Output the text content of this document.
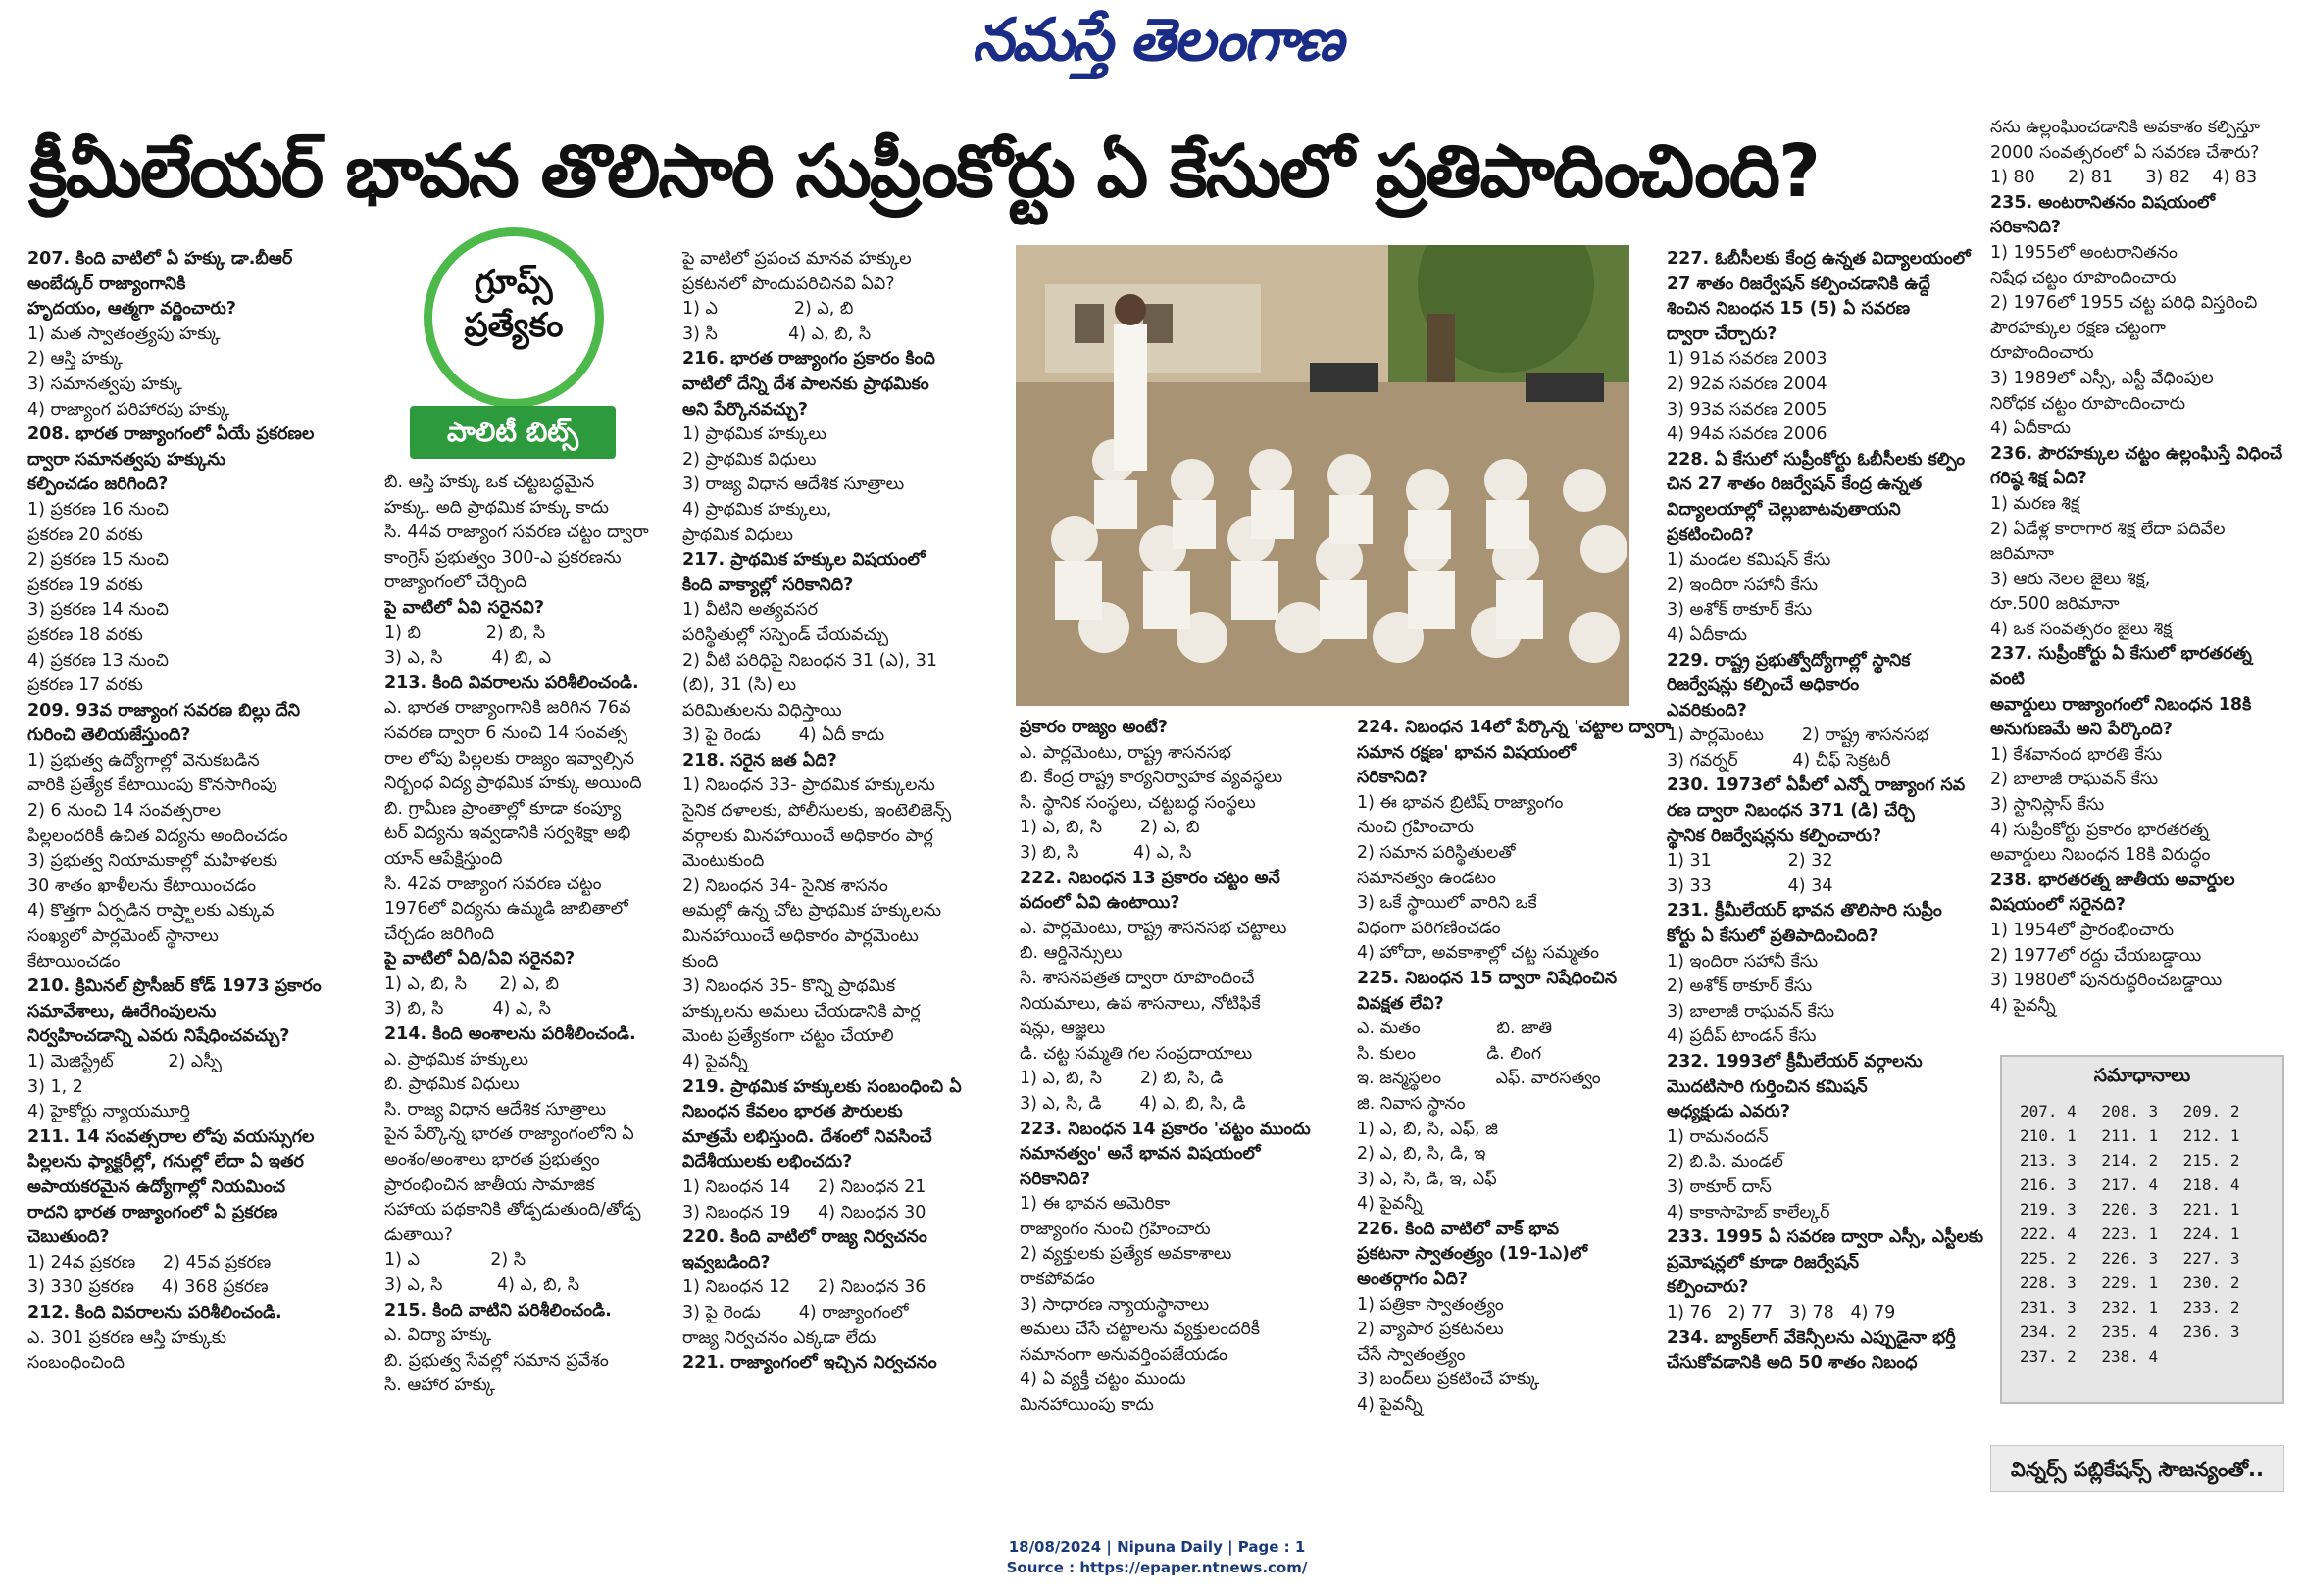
నమస్తే తెలంగాణ
క్రీమీలేయర్ భావన తొలిసారి సుప్రీంకోర్టు ఏ కేసులో ప్రతిపాదించింది?
గ్రూప్స్
ప్రత్యేకం
పాలిటీ బిట్స్
207. కింది వాటిలో ఏ హక్కు డా.బీఆర్
అంబేద్కర్ రాజ్యాంగానికి
హృదయం, ఆత్మగా వర్ణించారు?
1) మత స్వాతంత్ర్యపు హక్కు
2) ఆస్తి హక్కు
3) సమానత్వపు హక్కు
4) రాజ్యాంగ పరిహారపు హక్కు
208. భారత రాజ్యాంగంలో ఏయే ప్రకరణల
ద్వారా సమానత్వపు హక్కును
కల్పించడం జరిగింది?
1) ప్రకరణ 16 నుంచి
ప్రకరణ 20 వరకు
2) ప్రకరణ 15 నుంచి
ప్రకరణ 19 వరకు
3) ప్రకరణ 14 నుంచి
ప్రకరణ 18 వరకు
4) ప్రకరణ 13 నుంచి
ప్రకరణ 17 వరకు
209. 93వ రాజ్యాంగ సవరణ బిల్లు దేని
గురించి తెలియజేస్తుంది?
1) ప్రభుత్వ ఉద్యోగాల్లో వెనుకబడిన
వారికి ప్రత్యేక కేటాయింపు కొనసాగింపు
2) 6 నుంచి 14 సంవత్సరాల
పిల్లలందరికీ ఉచిత విద్యను అందించడం
3) ప్రభుత్వ నియామకాల్లో మహిళలకు
30 శాతం ఖాళీలను కేటాయించడం
4) కొత్తగా ఏర్పడిన రాష్ర్టాలకు ఎక్కువ
సంఖ్యలో పార్లమెంట్ స్థానాలు
కేటాయించడం
210. క్రిమినల్ ప్రొసీజర్ కోడ్ 1973 ప్రకారం
సమావేశాలు, ఊరేగింపులను
నిర్వహించడాన్ని ఎవరు నిషేధించవచ్చు?
1) మెజిస్ట్రేట్          2) ఎస్పీ
3) 1, 2
4) హైకోర్టు న్యాయమూర్తి
211. 14 సంవత్సరాల లోపు వయస్సుగల
పిల్లలను ఫ్యాక్టరీల్లో, గనుల్లో లేదా ఏ ఇతర
అపాయకరమైన ఉద్యోగాల్లో నియమించ
రాదని భారత రాజ్యాంగంలో ఏ ప్రకరణ
చెబుతుంది?
1) 24వ ప్రకరణ     2) 45వ ప్రకరణ
3) 330 ప్రకరణ     4) 368 ప్రకరణ
212. కింది వివరాలను పరిశీలించండి.
ఎ. 301 ప్రకరణ ఆస్తి హక్కుకు
సంబంధించింది
బి. ఆస్తి హక్కు ఒక చట్టబద్ధమైన
హక్కు. అది ప్రాథమిక హక్కు కాదు
సి. 44వ రాజ్యాంగ సవరణ చట్టం ద్వారా
కాంగ్రెస్ ప్రభుత్వం 300-ఎ ప్రకరణను
రాజ్యాంగంలో చేర్చింది
పై వాటిలో ఏవి సరైనవి?
1) బి            2) బి, సి
3) ఎ, సి         4) బి, ఎ
213. కింది వివరాలను పరిశీలించండి.
ఎ. భారత రాజ్యాంగానికి జరిగిన 76వ
సవరణ ద్వారా 6 నుంచి 14 సంవత్స
రాల లోపు పిల్లలకు రాజ్యం ఇవ్వాల్సిన
నిర్బంధ విద్య ప్రాథమిక హక్కు అయింది
బి. గ్రామీణ ప్రాంతాల్లో కూడా కంప్యూ
టర్ విద్యను ఇవ్వడానికి సర్వశిక్షా అభి
యాన్ ఆపేక్షిస్తుంది
సి. 42వ రాజ్యాంగ సవరణ చట్టం
1976లో విద్యను ఉమ్మడి జాబితాలో
చేర్చడం జరిగింది
పై వాటిలో ఏది/ఏవి సరైనవి?
1) ఎ, బి, సి      2) ఎ, బి
3) బి, సి         4) ఎ, సి
214. కింది అంశాలను పరిశీలించండి.
ఎ. ప్రాథమిక హక్కులు
బి. ప్రాథమిక విధులు
సి. రాజ్య విధాన ఆదేశిక సూత్రాలు
పైన పేర్కొన్న భారత రాజ్యాంగంలోని ఏ
అంశం/అంశాలు భారత ప్రభుత్వం
ప్రారంభించిన జాతీయ సామాజిక
సహాయ పథకానికి తోడ్పడుతుంది/తోడ్ప
డుతాయి?
1) ఎ             2) సి
3) ఎ, సి          4) ఎ, బి, సి
215. కింది వాటిని పరిశీలించండి.
ఎ. విద్యా హక్కు
బి. ప్రభుత్వ సేవల్లో సమాన ప్రవేశం
సి. ఆహార హక్కు
పై వాటిలో ప్రపంచ మానవ హక్కుల
ప్రకటనలో పొందుపరిచినవి ఏవి?
1) ఎ              2) ఎ, బి
3) సి             4) ఎ, బి, సి
216. భారత రాజ్యాంగం ప్రకారం కింది
వాటిలో దేన్ని దేశ పాలనకు ప్రాథమికం
అని పేర్కొనవచ్చు?
1) ప్రాథమిక హక్కులు
2) ప్రాథమిక విధులు
3) రాజ్య విధాన ఆదేశిక సూత్రాలు
4) ప్రాథమిక హక్కులు,
ప్రాథమిక విధులు
217. ప్రాథమిక హక్కుల విషయంలో
కింది వాక్యాల్లో సరికానిది?
1) వీటిని అత్యవసర
పరిస్థితుల్లో సస్పెండ్ చేయవచ్చు
2) వీటి పరిధిపై నిబంధన 31 (ఎ), 31
(బి), 31 (సి) లు
పరిమితులను విధిస్తాయి
3) పై రెండు       4) ఏదీ కాదు
218. సరైన జత ఏది?
1) నిబంధన 33- ప్రాథమిక హక్కులను
సైనిక దళాలకు, పోలీసులకు, ఇంటెలిజెన్స్
వర్గాలకు మినహాయించే అధికారం పార్ల
మెంటుకుంది
2) నిబంధన 34- సైనిక శాసనం
అమల్లో ఉన్న చోట ప్రాథమిక హక్కులను
మినహాయించే అధికారం పార్లమెంటు
కుంది
3) నిబంధన 35- కొన్ని ప్రాథమిక
హక్కులను అమలు చేయడానికి పార్ల
మెంట ప్రత్యేకంగా చట్టం చేయాలి
4) పైవన్నీ
219. ప్రాథమిక హక్కులకు సంబంధించి ఏ
నిబంధన కేవలం భారత పౌరులకు
మాత్రమే లభిస్తుంది. దేశంలో నివసించే
విదేశీయులకు లభించదు?
1) నిబంధన 14     2) నిబంధన 21
3) నిబంధన 19     4) నిబంధన 30
220. కింది వాటిలో రాజ్య నిర్వచనం
ఇవ్వబడింది?
1) నిబంధన 12     2) నిబంధన 36
3) పై రెండు       4) రాజ్యాంగంలో
రాజ్య నిర్వచనం ఎక్కడా లేదు
221. రాజ్యాంగంలో ఇచ్చిన నిర్వచనం
ప్రకారం రాజ్యం అంటే?
ఎ. పార్లమెంటు, రాష్ట్ర శాసనసభ
బి. కేంద్ర రాష్ట్ర కార్యనిర్వాహక వ్యవస్థలు
సి. స్థానిక సంస్థలు, చట్టబద్ధ సంస్థలు
1) ఎ, బి, సి       2) ఎ, బి
3) బి, సి          4) ఎ, సి
222. నిబంధన 13 ప్రకారం చట్టం అనే
పదంలో ఏవి ఉంటాయి?
ఎ. పార్లమెంటు, రాష్ట్ర శాసనసభ చట్టాలు
బి. ఆర్డినెన్సులు
సి. శాసనపత్రత ద్వారా రూపొందించే
నియమాలు, ఉప శాసనాలు, నోటిఫికే
షన్లు, ఆజ్ఞలు
డి. చట్ట సమ్మతి గల సంప్రదాయాలు
1) ఎ, బి, సి       2) బి, సి, డి
3) ఎ, సి, డి       4) ఎ, బి, సి, డి
223. నిబంధన 14 ప్రకారం 'చట్టం ముందు
సమానత్వం' అనే భావన విషయంలో
సరికానిది?
1) ఈ భావన అమెరికా
రాజ్యాంగం నుంచి గ్రహించారు
2) వ్యక్తులకు ప్రత్యేక అవకాశాలు
రాకపోవడం
3) సాధారణ న్యాయస్థానాలు
అమలు చేసే చట్టాలను వ్యక్తులందరికీ
సమానంగా అనువర్తింపజేయడం
4) ఏ వ్యక్తీ చట్టం ముందు
మినహాయింపు కాదు
224. నిబంధన 14లో పేర్కొన్న 'చట్టాల ద్వారా
సమాన రక్షణ' భావన విషయంలో
సరికానిది?
1) ఈ భావన బ్రిటిష్ రాజ్యాంగం
నుంచి గ్రహించారు
2) సమాన పరిస్థితులతో
సమానత్వం ఉండటం
3) ఒకే స్థాయిలో వారిని ఒకే
విధంగా పరిగణించడం
4) హోదా, అవకాశాల్లో చట్ట సమ్మతం
225. నిబంధన 15 ద్వారా నిషేధించిన
వివక్షత లేవి?
ఎ. మతం              బి. జాతి
సి. కులం             డి. లింగ
ఇ. జన్మస్థలం          ఎఫ్. వారసత్వం
జి. నివాస స్థానం
1) ఎ, బి, సి, ఎఫ్, జి
2) ఎ, బి, సి, డి, ఇ
3) ఎ, సి, డి, ఇ, ఎఫ్
4) పైవన్నీ
226. కింది వాటిలో వాక్ భావ
ప్రకటనా స్వాతంత్ర్యం (19-1ఎ)లో
అంతర్గాగం ఏది?
1) పత్రికా స్వాతంత్ర్యం
2) వ్యాపార ప్రకటనలు
చేసే స్వాతంత్ర్యం
3) బంద్‌లు ప్రకటించే హక్కు
4) పైవన్నీ
227. ఓబీసీలకు కేంద్ర ఉన్నత విద్యాలయంలో
27 శాతం రిజర్వేషన్ కల్పించడానికి ఉద్దే
శించిన నిబంధన 15 (5) ఏ సవరణ
ద్వారా చేర్చారు?
1) 91వ సవరణ 2003
2) 92వ సవరణ 2004
3) 93వ సవరణ 2005
4) 94వ సవరణ 2006
228. ఏ కేసులో సుప్రీంకోర్టు ఓబీసీలకు కల్పిం
చిన 27 శాతం రిజర్వేషన్ కేంద్ర ఉన్నత
విద్యాలయాల్లో చెల్లుబాటవుతాయని
ప్రకటించింది?
1) మండల కమిషన్ కేసు
2) ఇందిరా సహానీ కేసు
3) అశోక్ ఠాకూర్ కేసు
4) ఏదీకాదు
229. రాష్ట్ర ప్రభుత్వోద్యోగాల్లో స్థానిక
రిజర్వేషన్లు కల్పించే అధికారం
ఎవరికుంది?
1) పార్లమెంటు       2) రాష్ట్ర శాసనసభ
3) గవర్నర్          4) చీఫ్ సెక్రటరీ
230. 1973లో ఏపీలో ఎన్నో రాజ్యాంగ సవ
రణ ద్వారా నిబంధన 371 (డి) చేర్చి
స్థానిక రిజర్వేషన్లను కల్పించారు?
1) 31              2) 32
3) 33              4) 34
231. క్రీమీలేయర్ భావన తొలిసారి సుప్రీం
కోర్టు ఏ కేసులో ప్రతిపాదించింది?
1) ఇందిరా సహానీ కేసు
2) అశోక్ ఠాకూర్ కేసు
3) బాలాజీ రాఘవన్ కేసు
4) ప్రదీప్ టాండన్ కేసు
232. 1993లో క్రీమీలేయర్ వర్గాలను
మొదటిసారి గుర్తించిన కమిషన్
అధ్యక్షుడు ఎవరు?
1) రామనందన్
2) బి.పి. మండల్
3) ఠాకూర్ దాస్
4) కాకాసాహెబ్ కాలేల్కర్
233. 1995 ఏ సవరణ ద్వారా ఎస్సీ, ఎస్టీలకు
ప్రమోషన్లలో కూడా రిజర్వేషన్
కల్పించారు?
1) 76   2) 77   3) 78   4) 79
234. బ్యాక్‌లాగ్ వేకెన్సీలను ఎప్పుడైనా భర్తీ
చేసుకోవడానికి అది 50 శాతం నిబంధ
నను ఉల్లంఘించడానికి అవకాశం కల్పిస్తూ
2000 సంవత్సరంలో ఏ సవరణ చేశారు?
1) 80      2) 81      3) 82    4) 83
235. అంటరానితనం విషయంలో సరికానిది?
1) 1955లో అంటరానితనం
నిషేధ చట్టం రూపొందించారు
2) 1976లో 1955 చట్ట పరిధి విస్తరించి
పౌరహక్కుల రక్షణ చట్టంగా
రూపొందించారు
3) 1989లో ఎస్సీ, ఎస్టీ వేధింపుల
నిరోధక చట్టం రూపొందించారు
4) ఏదీకాదు
236. పౌరహక్కుల చట్టం ఉల్లంఘిస్తే విధించే
గరిష్ఠ శిక్ష ఏది?
1) మరణ శిక్ష
2) ఏడేళ్ల కారాగార శిక్ష లేదా పదివేల
జరిమానా
3) ఆరు నెలల జైలు శిక్ష,
రూ.500 జరిమానా
4) ఒక సంవత్సరం జైలు శిక్ష
237. సుప్రీంకోర్టు ఏ కేసులో భారతరత్న వంటి
అవార్డులు రాజ్యాంగంలో నిబంధన 18కి
అనుగుణమే అని పేర్కొంది?
1) కేశవానంద భారతి కేసు
2) బాలాజీ రాఘవన్ కేసు
3) స్టానిస్లాస్ కేసు
4) సుప్రీంకోర్టు ప్రకారం భారతరత్న
అవార్డులు నిబంధన 18కి విరుద్ధం
238. భారతరత్న జాతీయ అవార్డుల
విషయంలో సరైనది?
1) 1954లో ప్రారంభించారు
2) 1977లో రద్దు చేయబడ్డాయి
3) 1980లో పునరుద్ధరించబడ్డాయి
4) పైవన్నీ
సమాధానాలు
207. 4	208. 3	209. 2
210. 1	211. 1	212. 1
213. 3	214. 2	215. 2
216. 3	217. 4	218. 4
219. 3	220. 3	221. 1
222. 4	223. 1	224. 1
225. 2	226. 3	227. 3
228. 3	229. 1	230. 2
231. 3	232. 1	233. 2
234. 2	235. 4	236. 3
237. 2	238. 4
విన్నర్స్ పబ్లికేషన్స్ సౌజన్యంతో..
18/08/2024 | Nipuna Daily | Page : 1
Source : https://epaper.ntnews.com/
